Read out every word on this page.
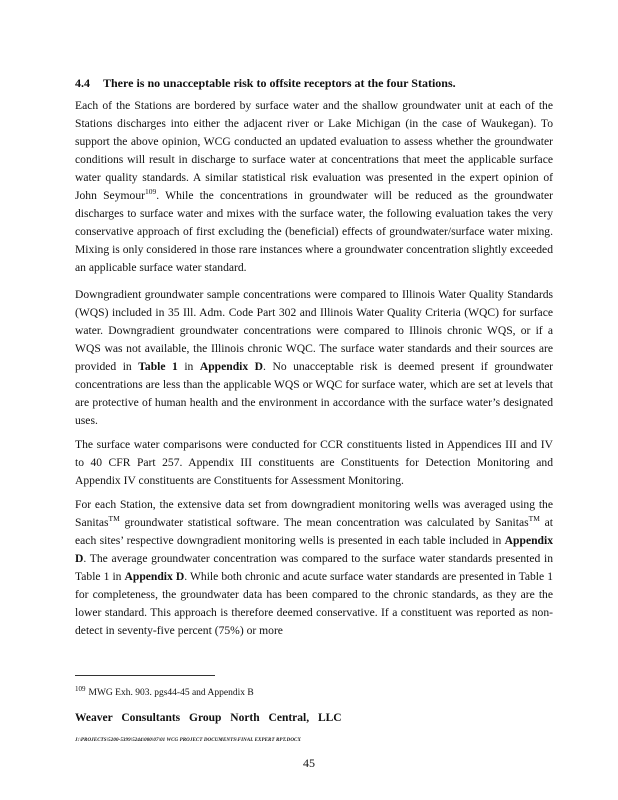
4.4	There is no unacceptable risk to offsite receptors at the four Stations.
Each of the Stations are bordered by surface water and the shallow groundwater unit at each of the Stations discharges into either the adjacent river or Lake Michigan (in the case of Waukegan). To support the above opinion, WCG conducted an updated evaluation to assess whether the groundwater conditions will result in discharge to surface water at concentrations that meet the applicable surface water quality standards. A similar statistical risk evaluation was presented in the expert opinion of John Seymour$^{109}$. While the concentrations in groundwater will be reduced as the groundwater discharges to surface water and mixes with the surface water, the following evaluation takes the very conservative approach of first excluding the (beneficial) effects of groundwater/surface water mixing. Mixing is only considered in those rare instances where a groundwater concentration slightly exceeded an applicable surface water standard.
Downgradient groundwater sample concentrations were compared to Illinois Water Quality Standards (WQS) included in 35 Ill. Adm. Code Part 302 and Illinois Water Quality Criteria (WQC) for surface water. Downgradient groundwater concentrations were compared to Illinois chronic WQS, or if a WQS was not available, the Illinois chronic WQC. The surface water standards and their sources are provided in Table 1 in Appendix D. No unacceptable risk is deemed present if groundwater concentrations are less than the applicable WQS or WQC for surface water, which are set at levels that are protective of human health and the environment in accordance with the surface water’s designated uses.
The surface water comparisons were conducted for CCR constituents listed in Appendices III and IV to 40 CFR Part 257. Appendix III constituents are Constituents for Detection Monitoring and Appendix IV constituents are Constituents for Assessment Monitoring.
For each Station, the extensive data set from downgradient monitoring wells was averaged using the Sanitas™ groundwater statistical software. The mean concentration was calculated by Sanitas™ at each sites’ respective downgradient monitoring wells is presented in each table included in Appendix D. The average groundwater concentration was compared to the surface water standards presented in Table 1 in Appendix D. While both chronic and acute surface water standards are presented in Table 1 for completeness, the groundwater data has been compared to the chronic standards, as they are the lower standard. This approach is therefore deemed conservative. If a constituent was reported as non-detect in seventy-five percent (75%) or more
$^{109}$ MWG Exh. 903. pgs44-45 and Appendix B
Weaver Consultants Group North Central, LLC
J:\PROJECTS\5200-5399\5244\000\07\01 WCG PROJECT DOCUMENTS\FINAL EXPERT RPT.DOCX
45
